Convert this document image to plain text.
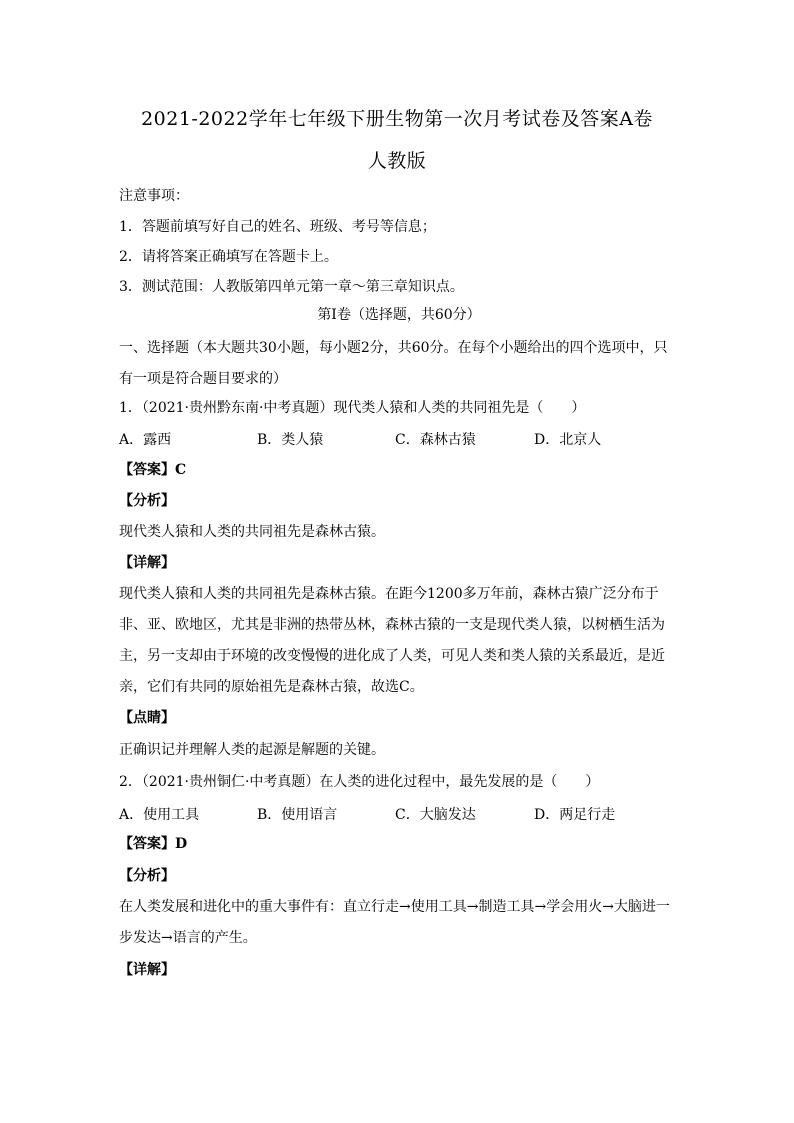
2021-2022学年七年级下册生物第一次月考试卷及答案A卷
人教版
注意事项：
1．答题前填写好自己的姓名、班级、考号等信息；
2．请将答案正确填写在答题卡上。
3．测试范围：人教版第四单元第一章～第三章知识点。
第I卷（选择题，共60分）
一、选择题（本大题共30小题，每小题2分，共60分。在每个小题给出的四个选项中，只有一项是符合题目要求的）
1．（2021·贵州黔东南·中考真题）现代类人猿和人类的共同祖先是（　　）
A．露西	B．类人猿	C．森林古猿	D．北京人
【答案】C
【分析】
现代类人猿和人类的共同祖先是森林古猿。
【详解】
现代类人猿和人类的共同祖先是森林古猿。在距今1200多万年前，森林古猿广泛分布于非、亚、欧地区，尤其是非洲的热带丛林，森林古猿的一支是现代类人猿，以树栖生活为主，另一支却由于环境的改变慢慢的进化成了人类，可见人类和类人猿的关系最近，是近亲，它们有共同的原始祖先是森林古猿，故选C。
【点睛】
正确识记并理解人类的起源是解题的关键。
2．（2021·贵州铜仁·中考真题）在人类的进化过程中，最先发展的是（　　）
A．使用工具	B．使用语言	C．大脑发达	D．两足行走
【答案】D
【分析】
在人类发展和进化中的重大事件有：直立行走→使用工具→制造工具→学会用火→大脑进一步发达→语言的产生。
【详解】
